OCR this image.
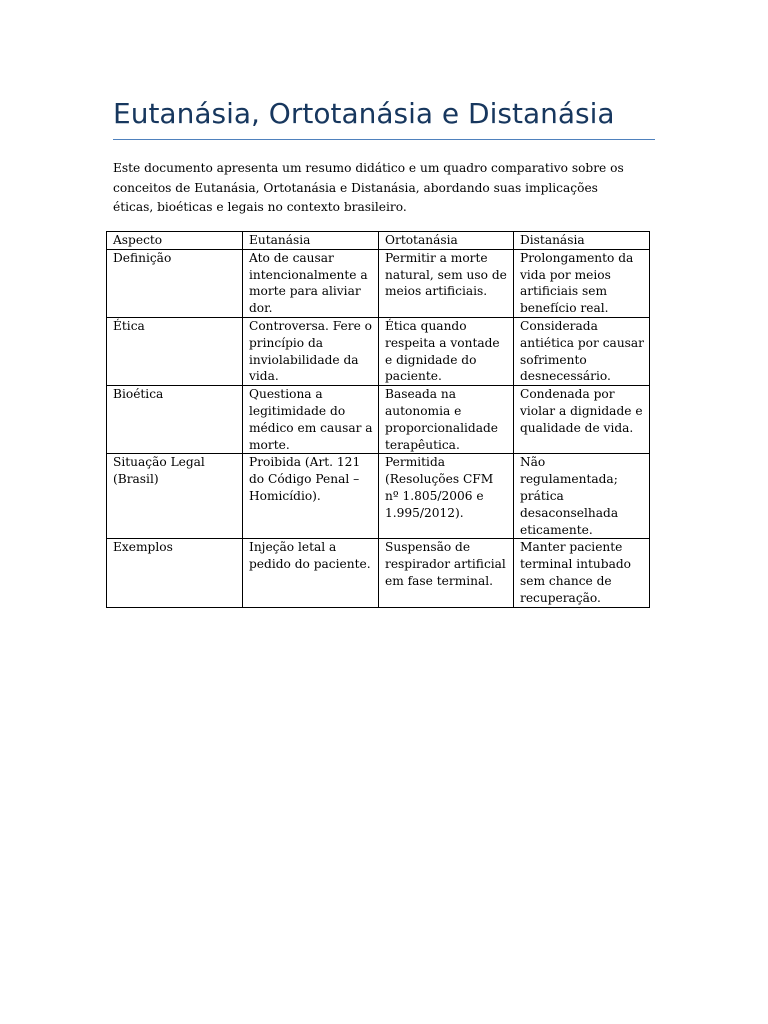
Eutanásia, Ortotanásia e Distanásia

Este documento apresenta um resumo didático e um quadro comparativo sobre os conceitos de Eutanásia, Ortotanásia e Distanásia, abordando suas implicações éticas, bioéticas e legais no contexto brasileiro.

Aspecto	Eutanásia	Ortotanásia	Distanásia
Definição	Ato de causar intencionalmente a morte para aliviar dor.	Permitir a morte natural, sem uso de meios artificiais.	Prolongamento da vida por meios artificiais sem benefício real.
Ética	Controversa. Fere o princípio da inviolabilidade da vida.	Ética quando respeita a vontade e dignidade do paciente.	Considerada antiética por causar sofrimento desnecessário.
Bioética	Questiona a legitimidade do médico em causar a morte.	Baseada na autonomia e proporcionalidade terapêutica.	Condenada por violar a dignidade e qualidade de vida.
Situação Legal (Brasil)	Proibida (Art. 121 do Código Penal – Homicídio).	Permitida (Resoluções CFM nº 1.805/2006 e 1.995/2012).	Não regulamentada; prática desaconselhada eticamente.
Exemplos	Injeção letal a pedido do paciente.	Suspensão de respirador artificial em fase terminal.	Manter paciente terminal intubado sem chance de recuperação.
